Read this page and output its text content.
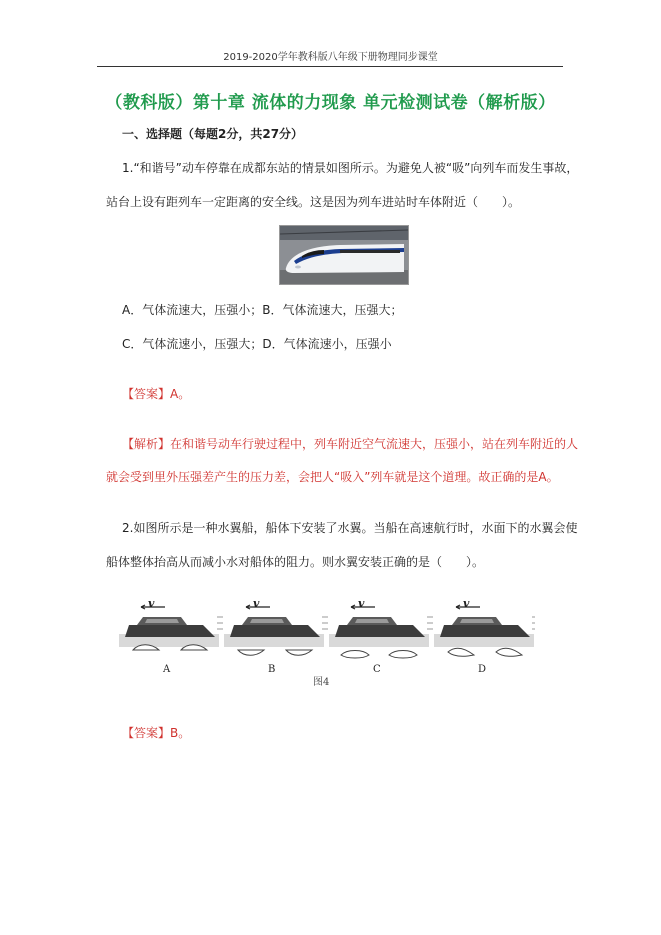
2019-2020学年教科版八年级下册物理同步课堂
（教科版）第十章 流体的力现象 单元检测试卷（解析版）
一、选择题（每题2分，共27分）
1.“和谐号”动车停靠在成都东站的情景如图所示。为避免人被“吸”向列车而发生事故，
站台上设有距列车一定距离的安全线。这是因为列车进站时车体附近（　　）。
A．气体流速大，压强小；B．气体流速大，压强大；
C．气体流速小，压强大；D．气体流速小，压强小
【答案】A。
【解析】在和谐号动车行驶过程中，列车附近空气流速大，压强小，站在列车附近的人
就会受到里外压强差产生的压力差，会把人“吸入”列车就是这个道理。故正确的是A。
2.如图所示是一种水翼船，船体下安装了水翼。当船在高速航行时，水面下的水翼会使
船体整体抬高从而减小水对船体的阻力。则水翼安装正确的是（　　）。
v
A
v
B
v
C
v
D
图4
【答案】B。
